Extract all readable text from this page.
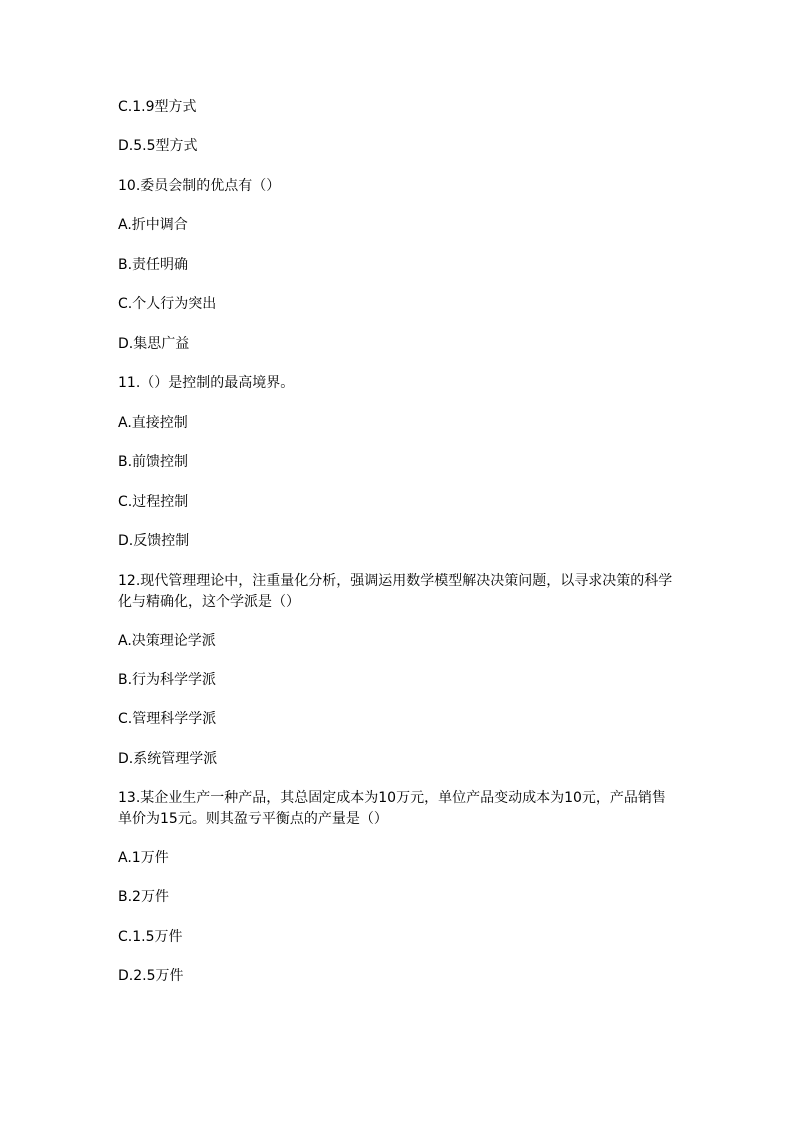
C.1.9型方式
D.5.5型方式
10.委员会制的优点有（）
A.折中调合
B.责任明确
C.个人行为突出
D.集思广益
11.（）是控制的最高境界。
A.直接控制
B.前馈控制
C.过程控制
D.反馈控制
12.现代管理理论中，注重量化分析，强调运用数学模型解决决策问题，以寻求决策的科学化与精确化，这个学派是（）
A.决策理论学派
B.行为科学学派
C.管理科学学派
D.系统管理学派
13.某企业生产一种产品，其总固定成本为10万元，单位产品变动成本为10元，产品销售单价为15元。则其盈亏平衡点的产量是（）
A.1万件
B.2万件
C.1.5万件
D.2.5万件
